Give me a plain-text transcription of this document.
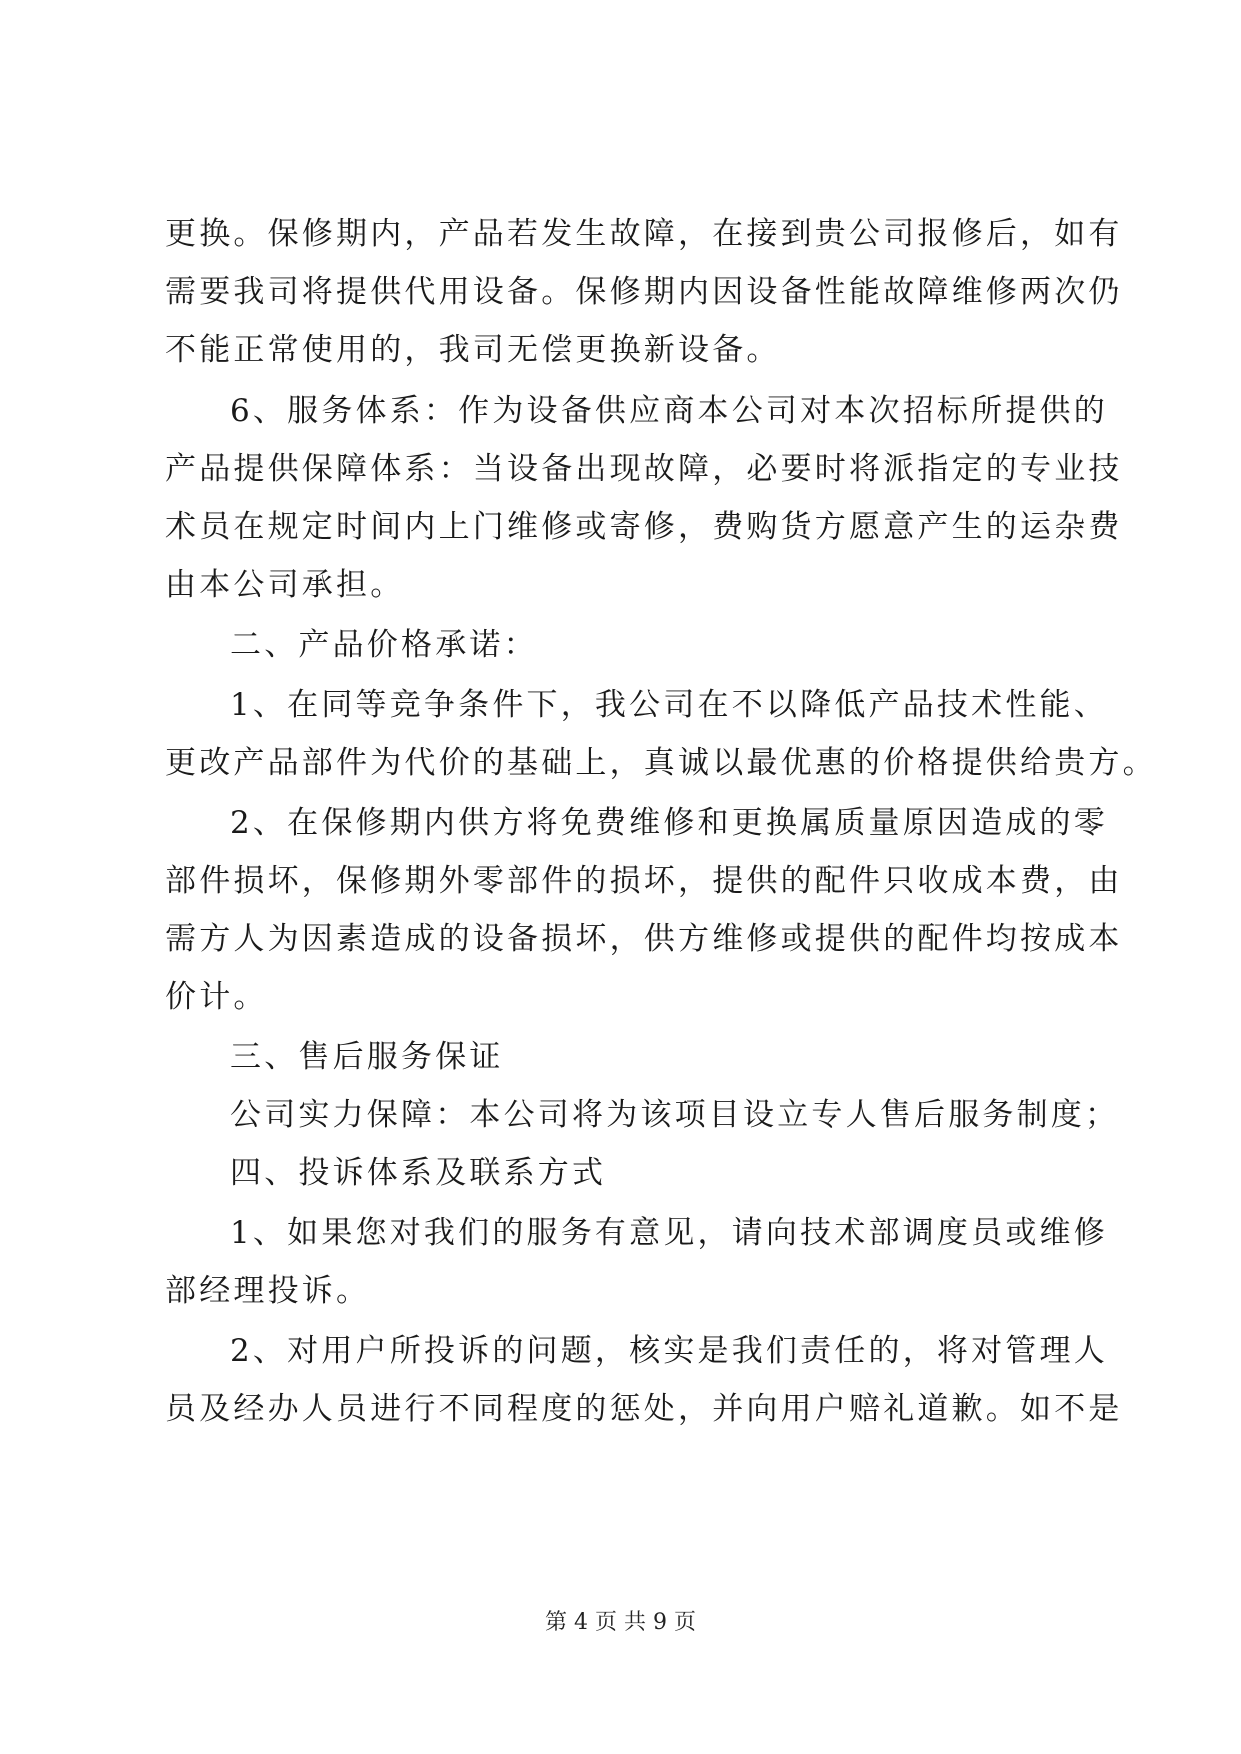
更换。保修期内，产品若发生故障，在接到贵公司报修后，如有
需要我司将提供代用设备。保修期内因设备性能故障维修两次仍
不能正常使用的，我司无偿更换新设备。
6、服务体系：作为设备供应商本公司对本次招标所提供的
产品提供保障体系：当设备出现故障，必要时将派指定的专业技
术员在规定时间内上门维修或寄修，费购货方愿意产生的运杂费
由本公司承担。
二、产品价格承诺：
1、在同等竞争条件下，我公司在不以降低产品技术性能、
更改产品部件为代价的基础上，真诚以最优惠的价格提供给贵方。
2、在保修期内供方将免费维修和更换属质量原因造成的零
部件损坏，保修期外零部件的损坏，提供的配件只收成本费，由
需方人为因素造成的设备损坏，供方维修或提供的配件均按成本
价计。
三、售后服务保证
公司实力保障：本公司将为该项目设立专人售后服务制度；
四、投诉体系及联系方式
1、如果您对我们的服务有意见，请向技术部调度员或维修
部经理投诉。
2、对用户所投诉的问题，核实是我们责任的，将对管理人
员及经办人员进行不同程度的惩处，并向用户赔礼道歉。如不是
第 4 页 共 9 页
